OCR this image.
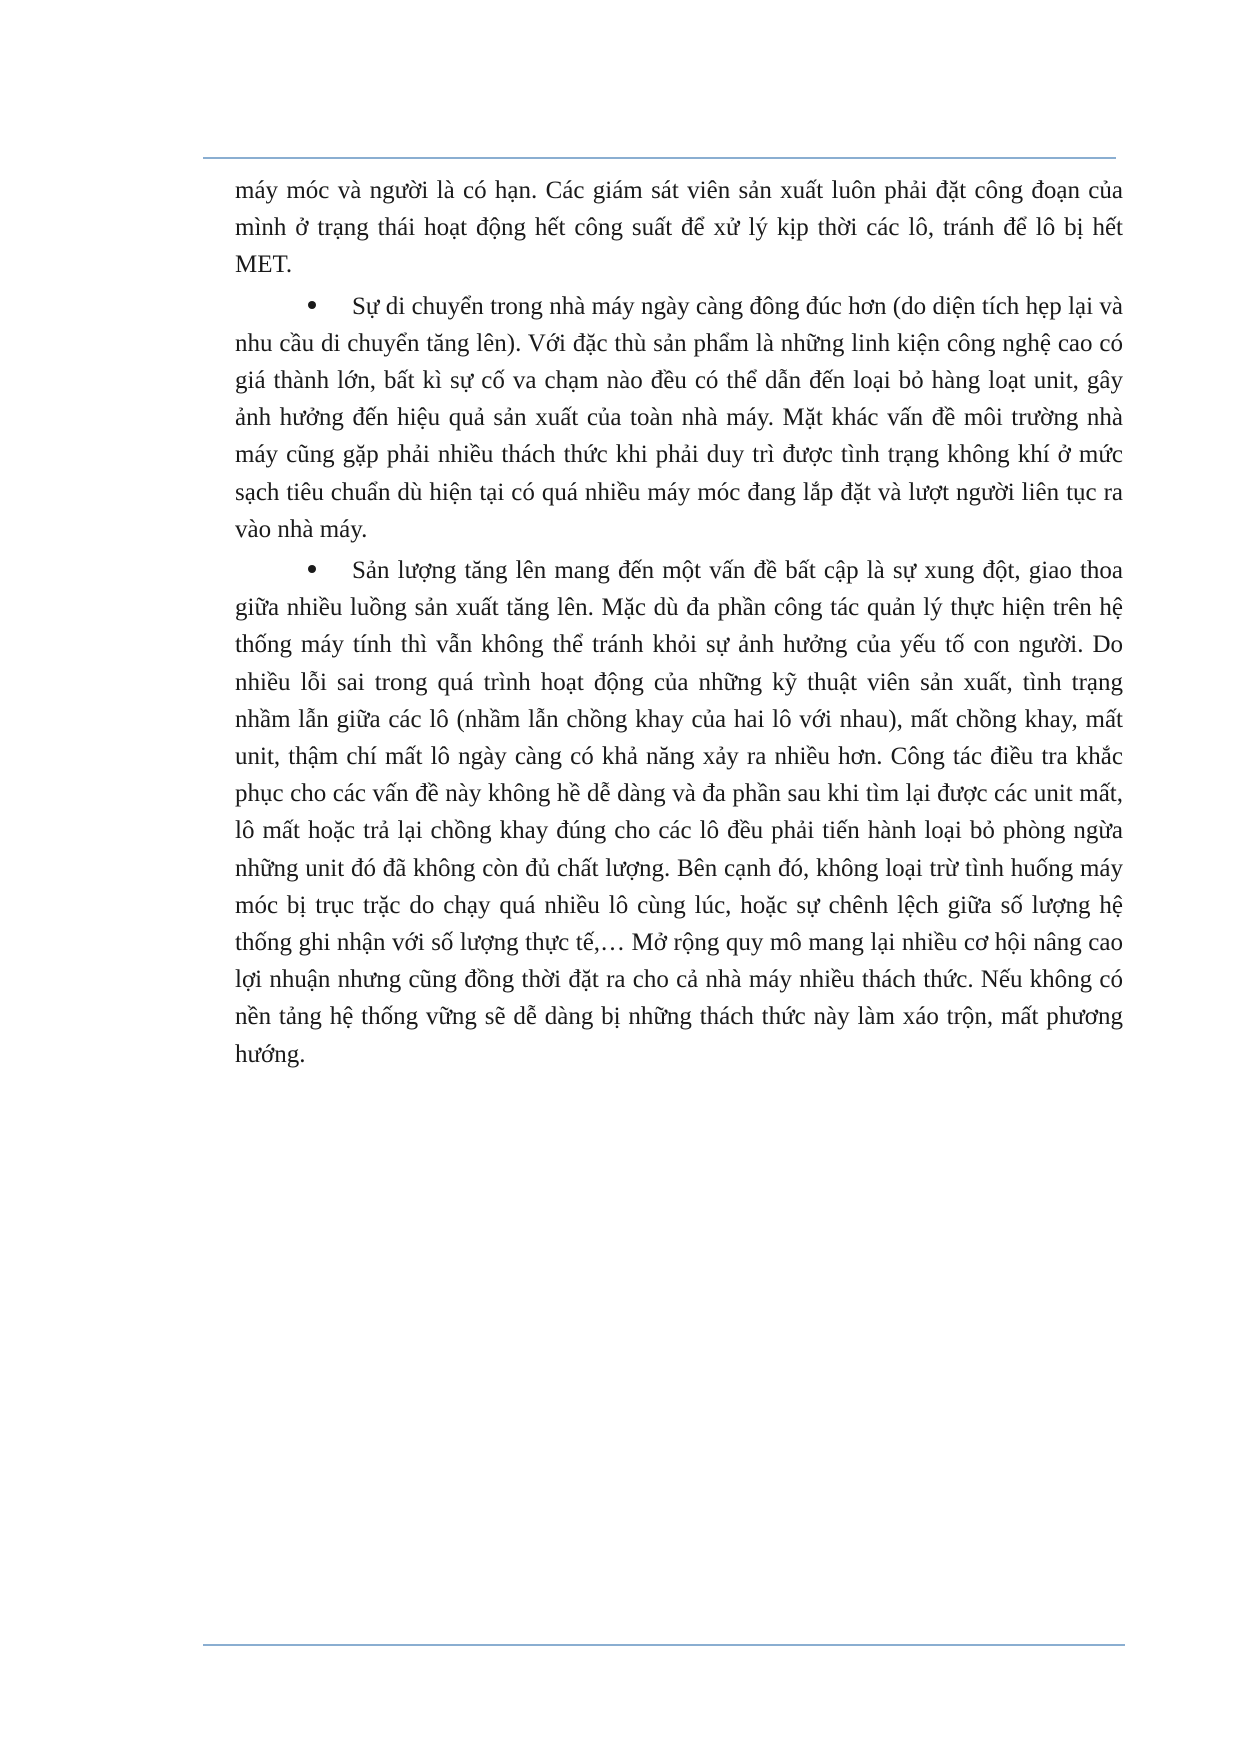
máy móc và người là có hạn. Các giám sát viên sản xuất luôn phải đặt công đoạn của mình ở trạng thái hoạt động hết công suất để xử lý kịp thời các lô, tránh để lô bị hết MET.

Sự di chuyển trong nhà máy ngày càng đông đúc hơn (do diện tích hẹp lại và nhu cầu di chuyển tăng lên). Với đặc thù sản phẩm là những linh kiện công nghệ cao có giá thành lớn, bất kì sự cố va chạm nào đều có thể dẫn đến loại bỏ hàng loạt unit, gây ảnh hưởng đến hiệu quả sản xuất của toàn nhà máy. Mặt khác vấn đề môi trường nhà máy cũng gặp phải nhiều thách thức khi phải duy trì được tình trạng không khí ở mức sạch tiêu chuẩn dù hiện tại có quá nhiều máy móc đang lắp đặt và lượt người liên tục ra vào nhà máy.

Sản lượng tăng lên mang đến một vấn đề bất cập là sự xung đột, giao thoa giữa nhiều luồng sản xuất tăng lên. Mặc dù đa phần công tác quản lý thực hiện trên hệ thống máy tính thì vẫn không thể tránh khỏi sự ảnh hưởng của yếu tố con người. Do nhiều lỗi sai trong quá trình hoạt động của những kỹ thuật viên sản xuất, tình trạng nhầm lẫn giữa các lô (nhầm lẫn chồng khay của hai lô với nhau), mất chồng khay, mất unit, thậm chí mất lô ngày càng có khả năng xảy ra nhiều hơn. Công tác điều tra khắc phục cho các vấn đề này không hề dễ dàng và đa phần sau khi tìm lại được các unit mất, lô mất hoặc trả lại chồng khay đúng cho các lô đều phải tiến hành loại bỏ phòng ngừa những unit đó đã không còn đủ chất lượng. Bên cạnh đó, không loại trừ tình huống máy móc bị trục trặc do chạy quá nhiều lô cùng lúc, hoặc sự chênh lệch giữa số lượng hệ thống ghi nhận với số lượng thực tế,… Mở rộng quy mô mang lại nhiều cơ hội nâng cao lợi nhuận nhưng cũng đồng thời đặt ra cho cả nhà máy nhiều thách thức. Nếu không có nền tảng hệ thống vững sẽ dễ dàng bị những thách thức này làm xáo trộn, mất phương hướng.
